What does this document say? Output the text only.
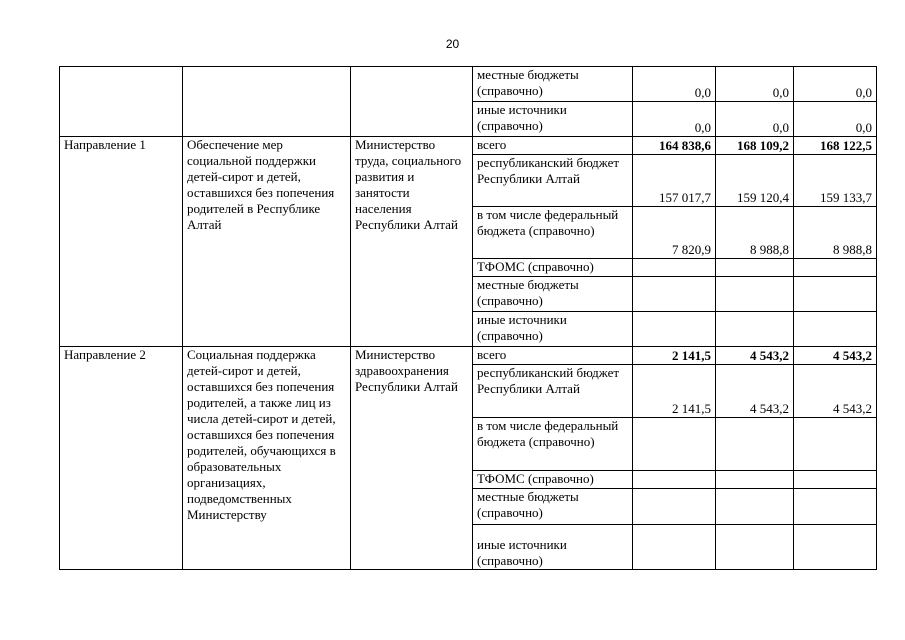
20
			местные бюджеты (справочно)	0,0	0,0	0,0
			иные источники (справочно)	0,0	0,0	0,0
Направление 1	Обеспечение мер социальной поддержки детей-сирот и детей, оставшихся без попечения родителей в Республике Алтай	Министерство труда, социального развития и занятости населения Республики Алтай	всего	164 838,6	168 109,2	168 122,5
			республиканский бюджет Республики Алтай	157 017,7	159 120,4	159 133,7
			в том числе федеральный бюджета (справочно)	7 820,9	8 988,8	8 988,8
			ТФОМС (справочно)			
			местные бюджеты (справочно)			
			иные источники (справочно)			
Направление 2	Социальная поддержка детей-сирот и детей, оставшихся без попечения родителей, а также лиц из числа детей-сирот и детей, оставшихся без попечения родителей, обучающихся в образовательных организациях, подведомственных Министерству	Министерство здравоохранения Республики Алтай	всего	2 141,5	4 543,2	4 543,2
			республиканский бюджет Республики Алтай	2 141,5	4 543,2	4 543,2
			в том числе федеральный бюджета (справочно)			
			ТФОМС (справочно)			
			местные бюджеты (справочно)			
			иные источники (справочно)			
